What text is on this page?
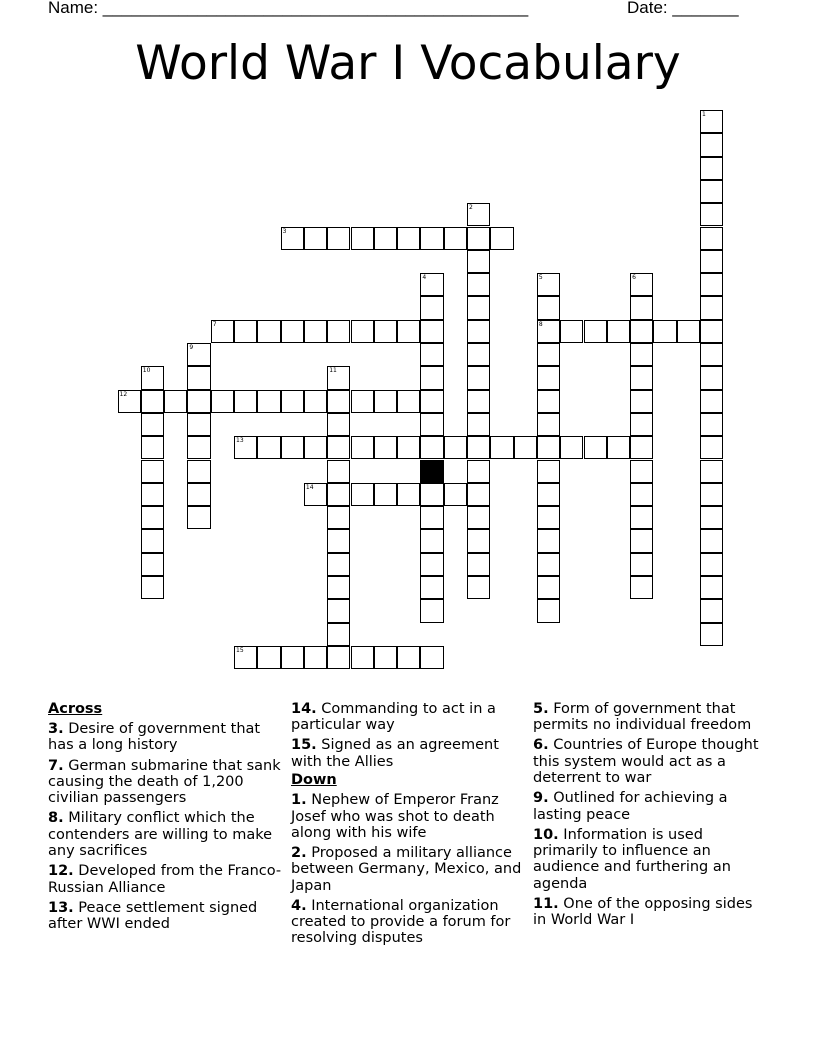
Name: _____________________________________________	Date: _______
World War I Vocabulary
1
2
3
4	5
8
6
7
9
10	11
12
13
14
15
Across
3. Desire of government that has a long history
7. German submarine that sank causing the death of 1,200 civilian passengers
8. Military conflict which the contenders are willing to make any sacrifices
12. Developed from the Franco-Russian Alliance
13. Peace settlement signed after WWI ended
14. Commanding to act in a particular way
15. Signed as an agreement with the Allies
Down
1. Nephew of Emperor Franz Josef who was shot to death along with his wife
2. Proposed a military alliance between Germany, Mexico, and Japan
4. International organization created to provide a forum for resolving disputes
5. Form of government that permits no individual freedom
6. Countries of Europe thought this system would act as a deterrent to war
9. Outlined for achieving a lasting peace
10. Information is used primarily to influence an audience and furthering an agenda
11. One of the opposing sides in World War I
